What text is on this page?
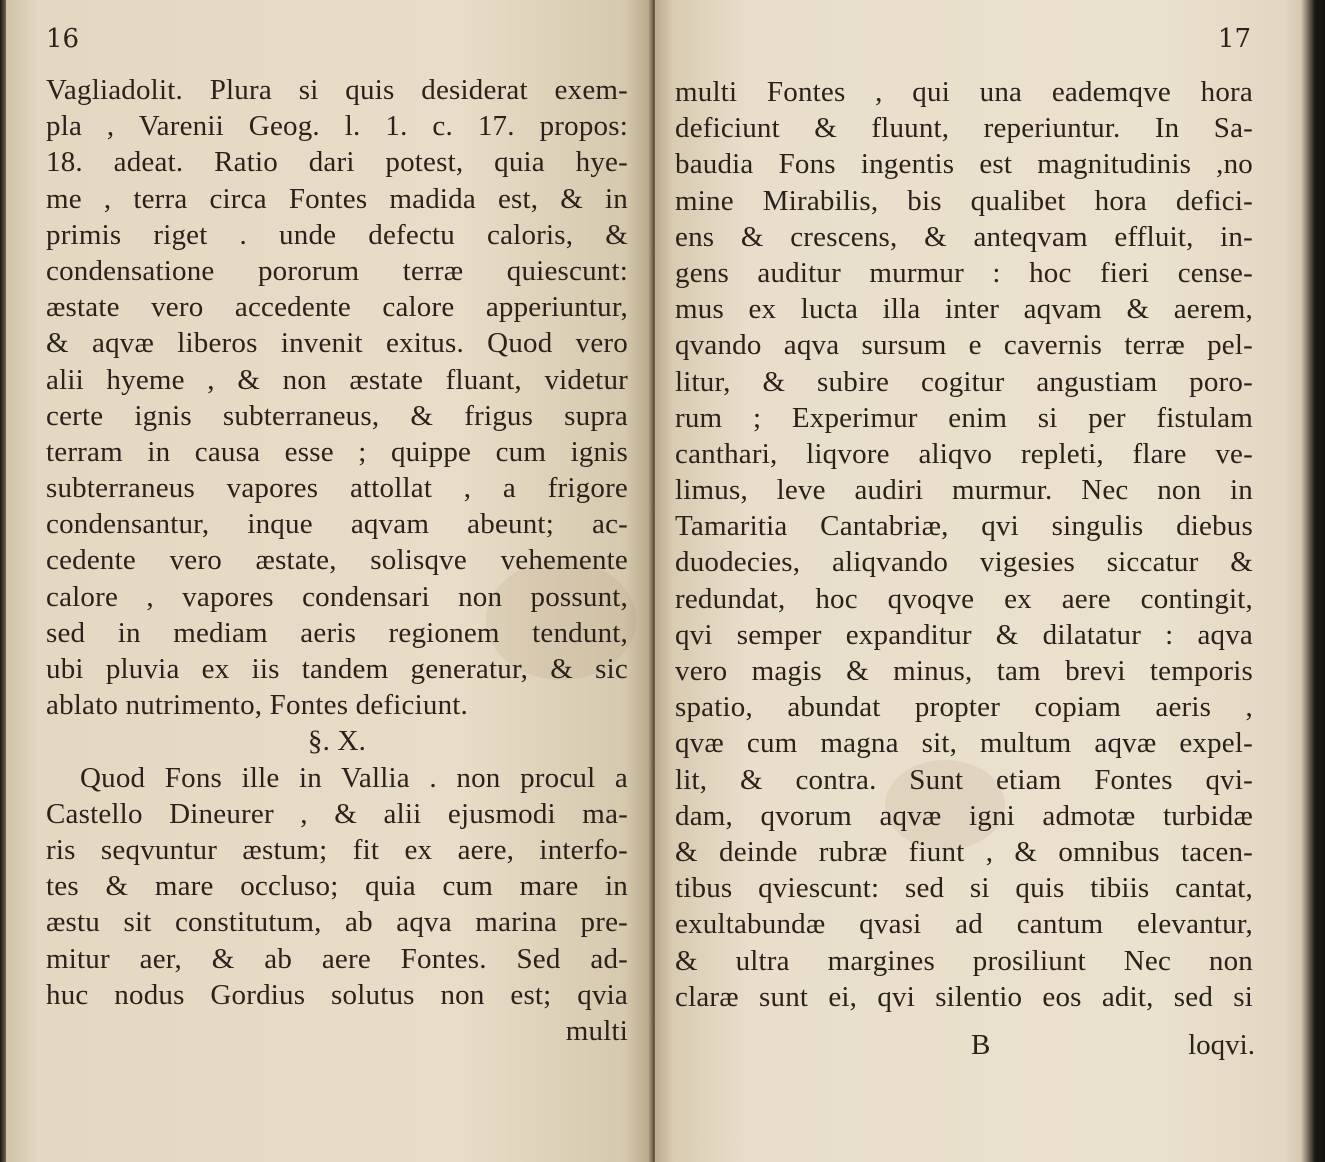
16
Vagliadolit. Plura si quis desiderat exem-
pla , Varenii Geog. l. 1. c. 17. propos:
18. adeat. Ratio dari potest, quia hye-
me , terra circa Fontes madida est, & in
primis riget . unde defectu caloris, &
condensatione pororum terræ quiescunt:
æstate vero accedente calore apperiuntur,
& aqvæ liberos invenit exitus. Quod vero
alii hyeme , & non æstate fluant, videtur
certe ignis subterraneus, & frigus supra
terram in causa esse ; quippe cum ignis
subterraneus vapores attollat , a frigore
condensantur, inque aqvam abeunt; ac-
cedente vero æstate, solisqve vehemente
calore , vapores condensari non possunt,
sed in mediam aeris regionem tendunt,
ubi pluvia ex iis tandem generatur, & sic
ablato nutrimento, Fontes deficiunt.
§. X.
Quod Fons ille in Vallia . non procul a
Castello Dineurer , & alii ejusmodi ma-
ris seqvuntur æstum; fit ex aere, interfo-
tes & mare occluso; quia cum mare in
æstu sit constitutum, ab aqva marina pre-
mitur aer, & ab aere Fontes. Sed ad-
huc nodus Gordius solutus non est; qvia
multi
17
multi Fontes , qui una eademqve hora
deficiunt & fluunt, reperiuntur. In Sa-
baudia Fons ingentis est magnitudinis ,no
mine Mirabilis, bis qualibet hora defici-
ens & crescens, & anteqvam effluit, in-
gens auditur murmur : hoc fieri cense-
mus ex lucta illa inter aqvam & aerem,
qvando aqva sursum e cavernis terræ pel-
litur, & subire cogitur angustiam poro-
rum ; Experimur enim si per fistulam
canthari, liqvore aliqvo repleti, flare ve-
limus, leve audiri murmur. Nec non in
Tamaritia Cantabriæ, qvi singulis diebus
duodecies, aliqvando vigesies siccatur &
redundat, hoc qvoqve ex aere contingit,
qvi semper expanditur & dilatatur : aqva
vero magis & minus, tam brevi temporis
spatio, abundat propter copiam aeris ,
qvæ cum magna sit, multum aqvæ expel-
lit, & contra. Sunt etiam Fontes qvi-
dam, qvorum aqvæ igni admotæ turbidæ
& deinde rubræ fiunt , & omnibus tacen-
tibus qviescunt: sed si quis tibiis cantat,
exultabundæ qvasi ad cantum elevantur,
& ultra margines prosiliunt Nec non
claræ sunt ei, qvi silentio eos adit, sed si
B	loqvi.
